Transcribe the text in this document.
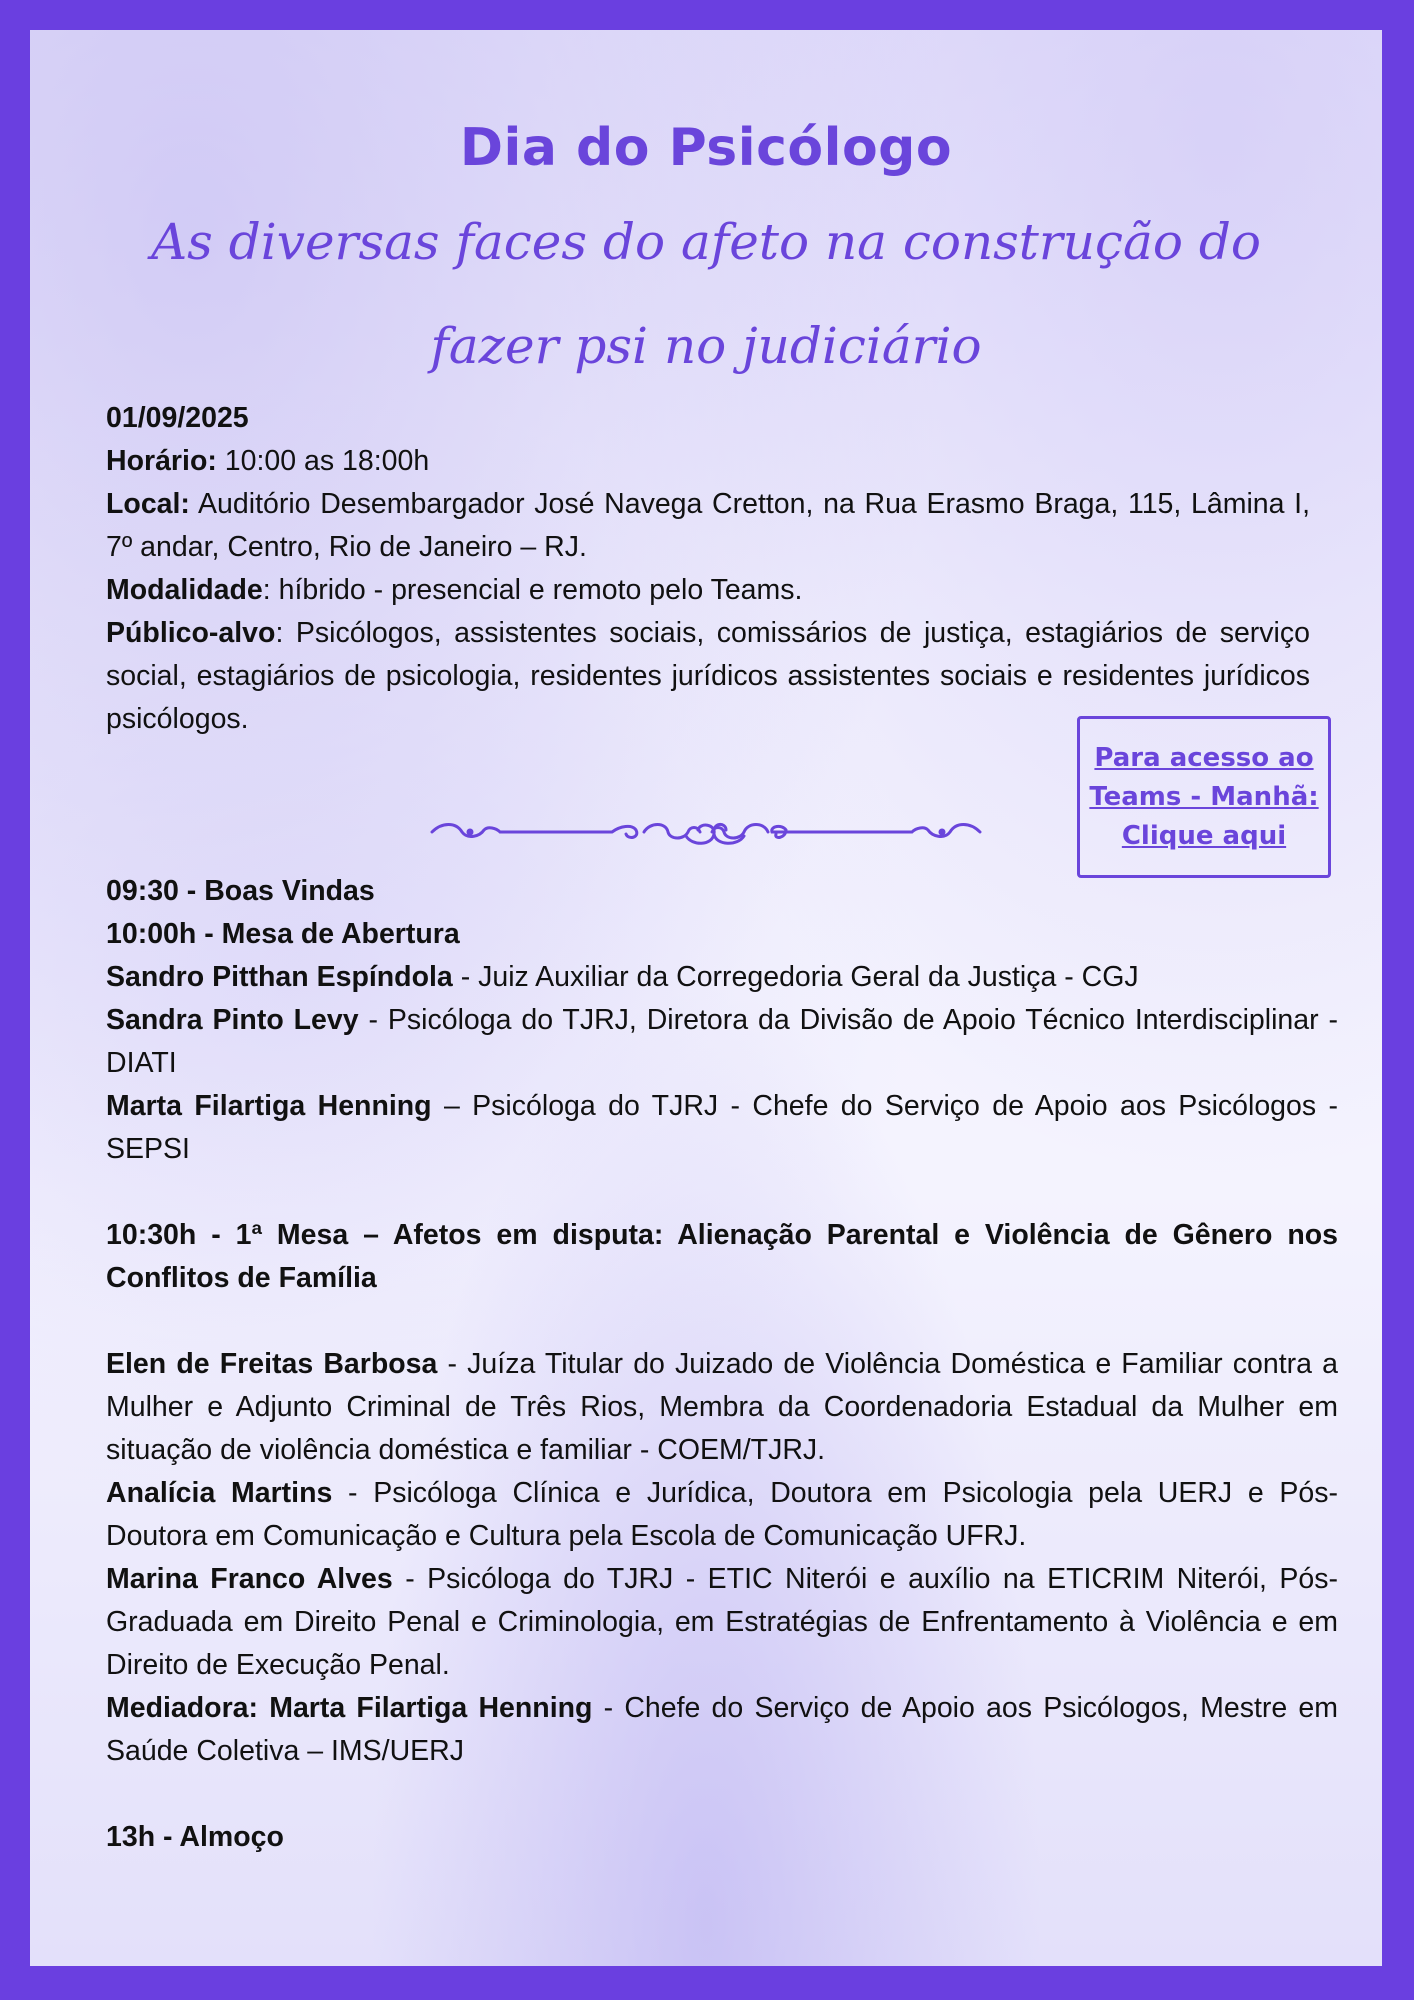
Dia do Psicólogo
As diversas faces do afeto na construção do fazer psi no judiciário

01/09/2025

Horário: 10:00 as 18:00h

Local: Auditório Desembargador José Navega Cretton, na Rua Erasmo Braga, 115, Lâmina I, 7º andar, Centro, Rio de Janeiro – RJ.

Modalidade: híbrido - presencial e remoto pelo Teams.

Público-alvo: Psicólogos, assistentes sociais, comissários de justiça, estagiários de serviço social, estagiários de psicologia, residentes jurídicos assistentes sociais e residentes jurídicos psicólogos.

09:30 - Boas Vindas

10:00h - Mesa de Abertura

Sandro Pitthan Espíndola - Juiz Auxiliar da Corregedoria Geral da Justiça - CGJ

Sandra Pinto Levy - Psicóloga do TJRJ, Diretora da Divisão de Apoio Técnico Interdisciplinar - DIATI

Marta Filartiga Henning – Psicóloga do TJRJ - Chefe do Serviço de Apoio aos Psicólogos - SEPSI

10:30h - 1ª Mesa – Afetos em disputa: Alienação Parental e Violência de Gênero nos Conflitos de Família

Elen de Freitas Barbosa - Juíza Titular do Juizado de Violência Doméstica e Familiar contra a Mulher e Adjunto Criminal de Três Rios, Membra da Coordenadoria Estadual da Mulher em situação de violência doméstica e familiar - COEM/TJRJ.

Analícia Martins - Psicóloga Clínica e Jurídica, Doutora em Psicologia pela UERJ e Pós-Doutora em Comunicação e Cultura pela Escola de Comunicação UFRJ.

Marina Franco Alves - Psicóloga do TJRJ - ETIC Niterói e auxílio na ETICRIM Niterói, Pós-Graduada em Direito Penal e Criminologia, em Estratégias de Enfrentamento à Violência e em Direito de Execução Penal.

Mediadora: Marta Filartiga Henning - Chefe do Serviço de Apoio aos Psicólogos, Mestre em Saúde Coletiva – IMS/UERJ

13h - Almoço

Para acesso ao Teams - Manhã: Clique aqui
